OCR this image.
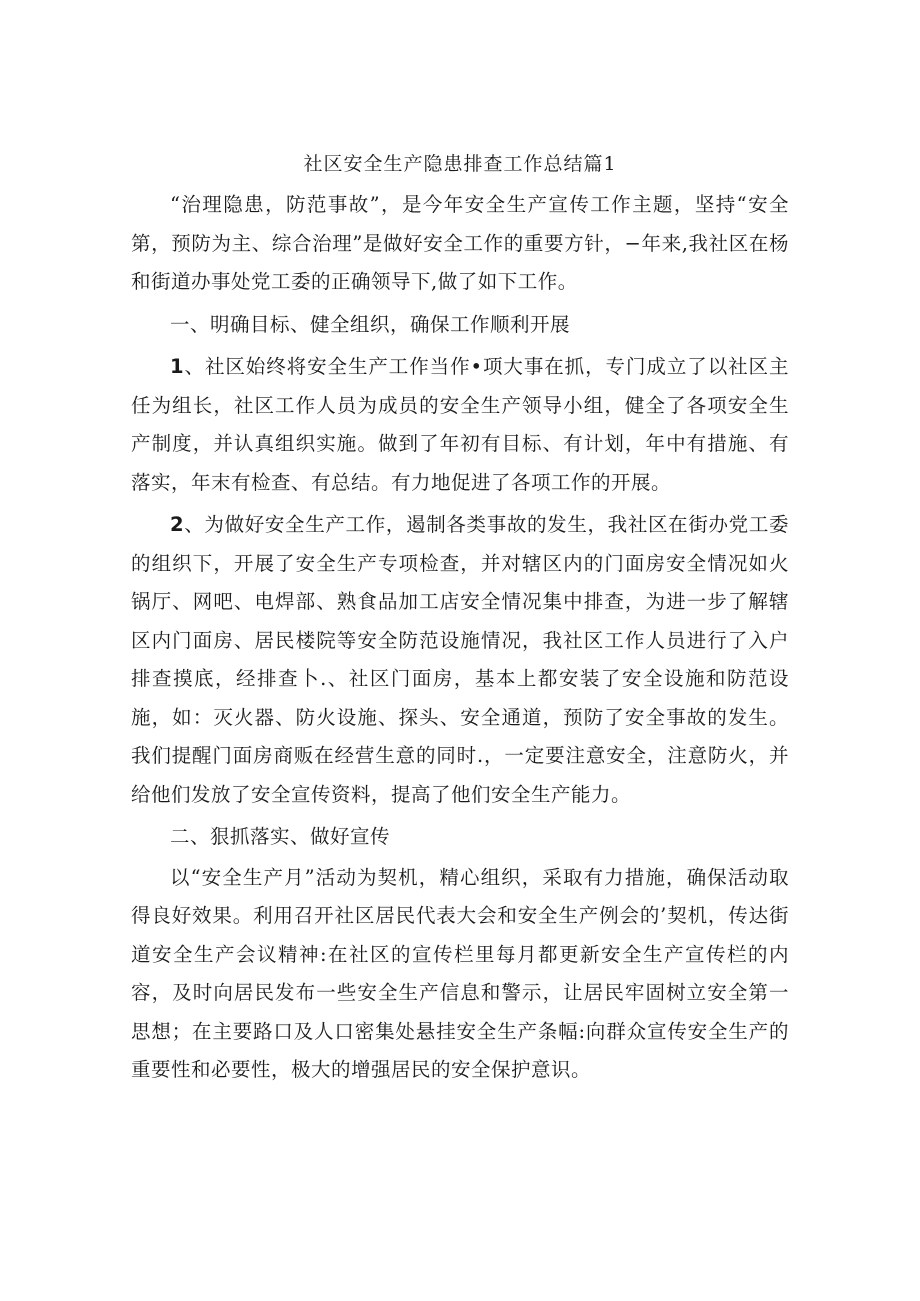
社区安全生产隐患排查工作总结篇1

“治理隐患，防范事故”，是今年安全生产宣传工作主题，坚持“安全第，预防为主、综合治理”是做好安全工作的重要方针，−年来,我社区在杨和街道办事处党工委的正确领导下,做了如下工作。

一、明确目标、健全组织，确保工作顺利开展

1、社区始终将安全生产工作当作•项大事在抓，专门成立了以社区主任为组长，社区工作人员为成员的安全生产领导小组，健全了各项安全生产制度，并认真组织实施。做到了年初有目标、有计划，年中有措施、有落实，年末有检查、有总结。有力地促进了各项工作的开展。

2、为做好安全生产工作，遏制各类事故的发生，我社区在街办党工委的组织下，开展了安全生产专项检查，并对辖区内的门面房安全情况如火锅厅、网吧、电焊部、熟食品加工店安全情况集中排查，为进一步了解辖区内门面房、居民楼院等安全防范设施情况，我社区工作人员进行了入户排查摸底，经排查卜.、社区门面房，基本上都安装了安全设施和防范设施，如：灭火器、防火设施、探头、安全通道，预防了安全事故的发生。我们提醒门面房商贩在经营生意的同时.，一定要注意安全，注意防火，并给他们发放了安全宣传资料，提高了他们安全生产能力。

二、狠抓落实、做好宣传

以“安全生产月”活动为契机，精心组织，采取有力措施，确保活动取得良好效果。利用召开社区居民代表大会和安全生产例会的’契机，传达街道安全生产会议精神:在社区的宣传栏里每月都更新安全生产宣传栏的内容，及时向居民发布一些安全生产信息和警示，让居民牢固树立安全第一思想；在主要路口及人口密集处悬挂安全生产条幅:向群众宣传安全生产的重要性和必要性，极大的增强居民的安全保护意识。
